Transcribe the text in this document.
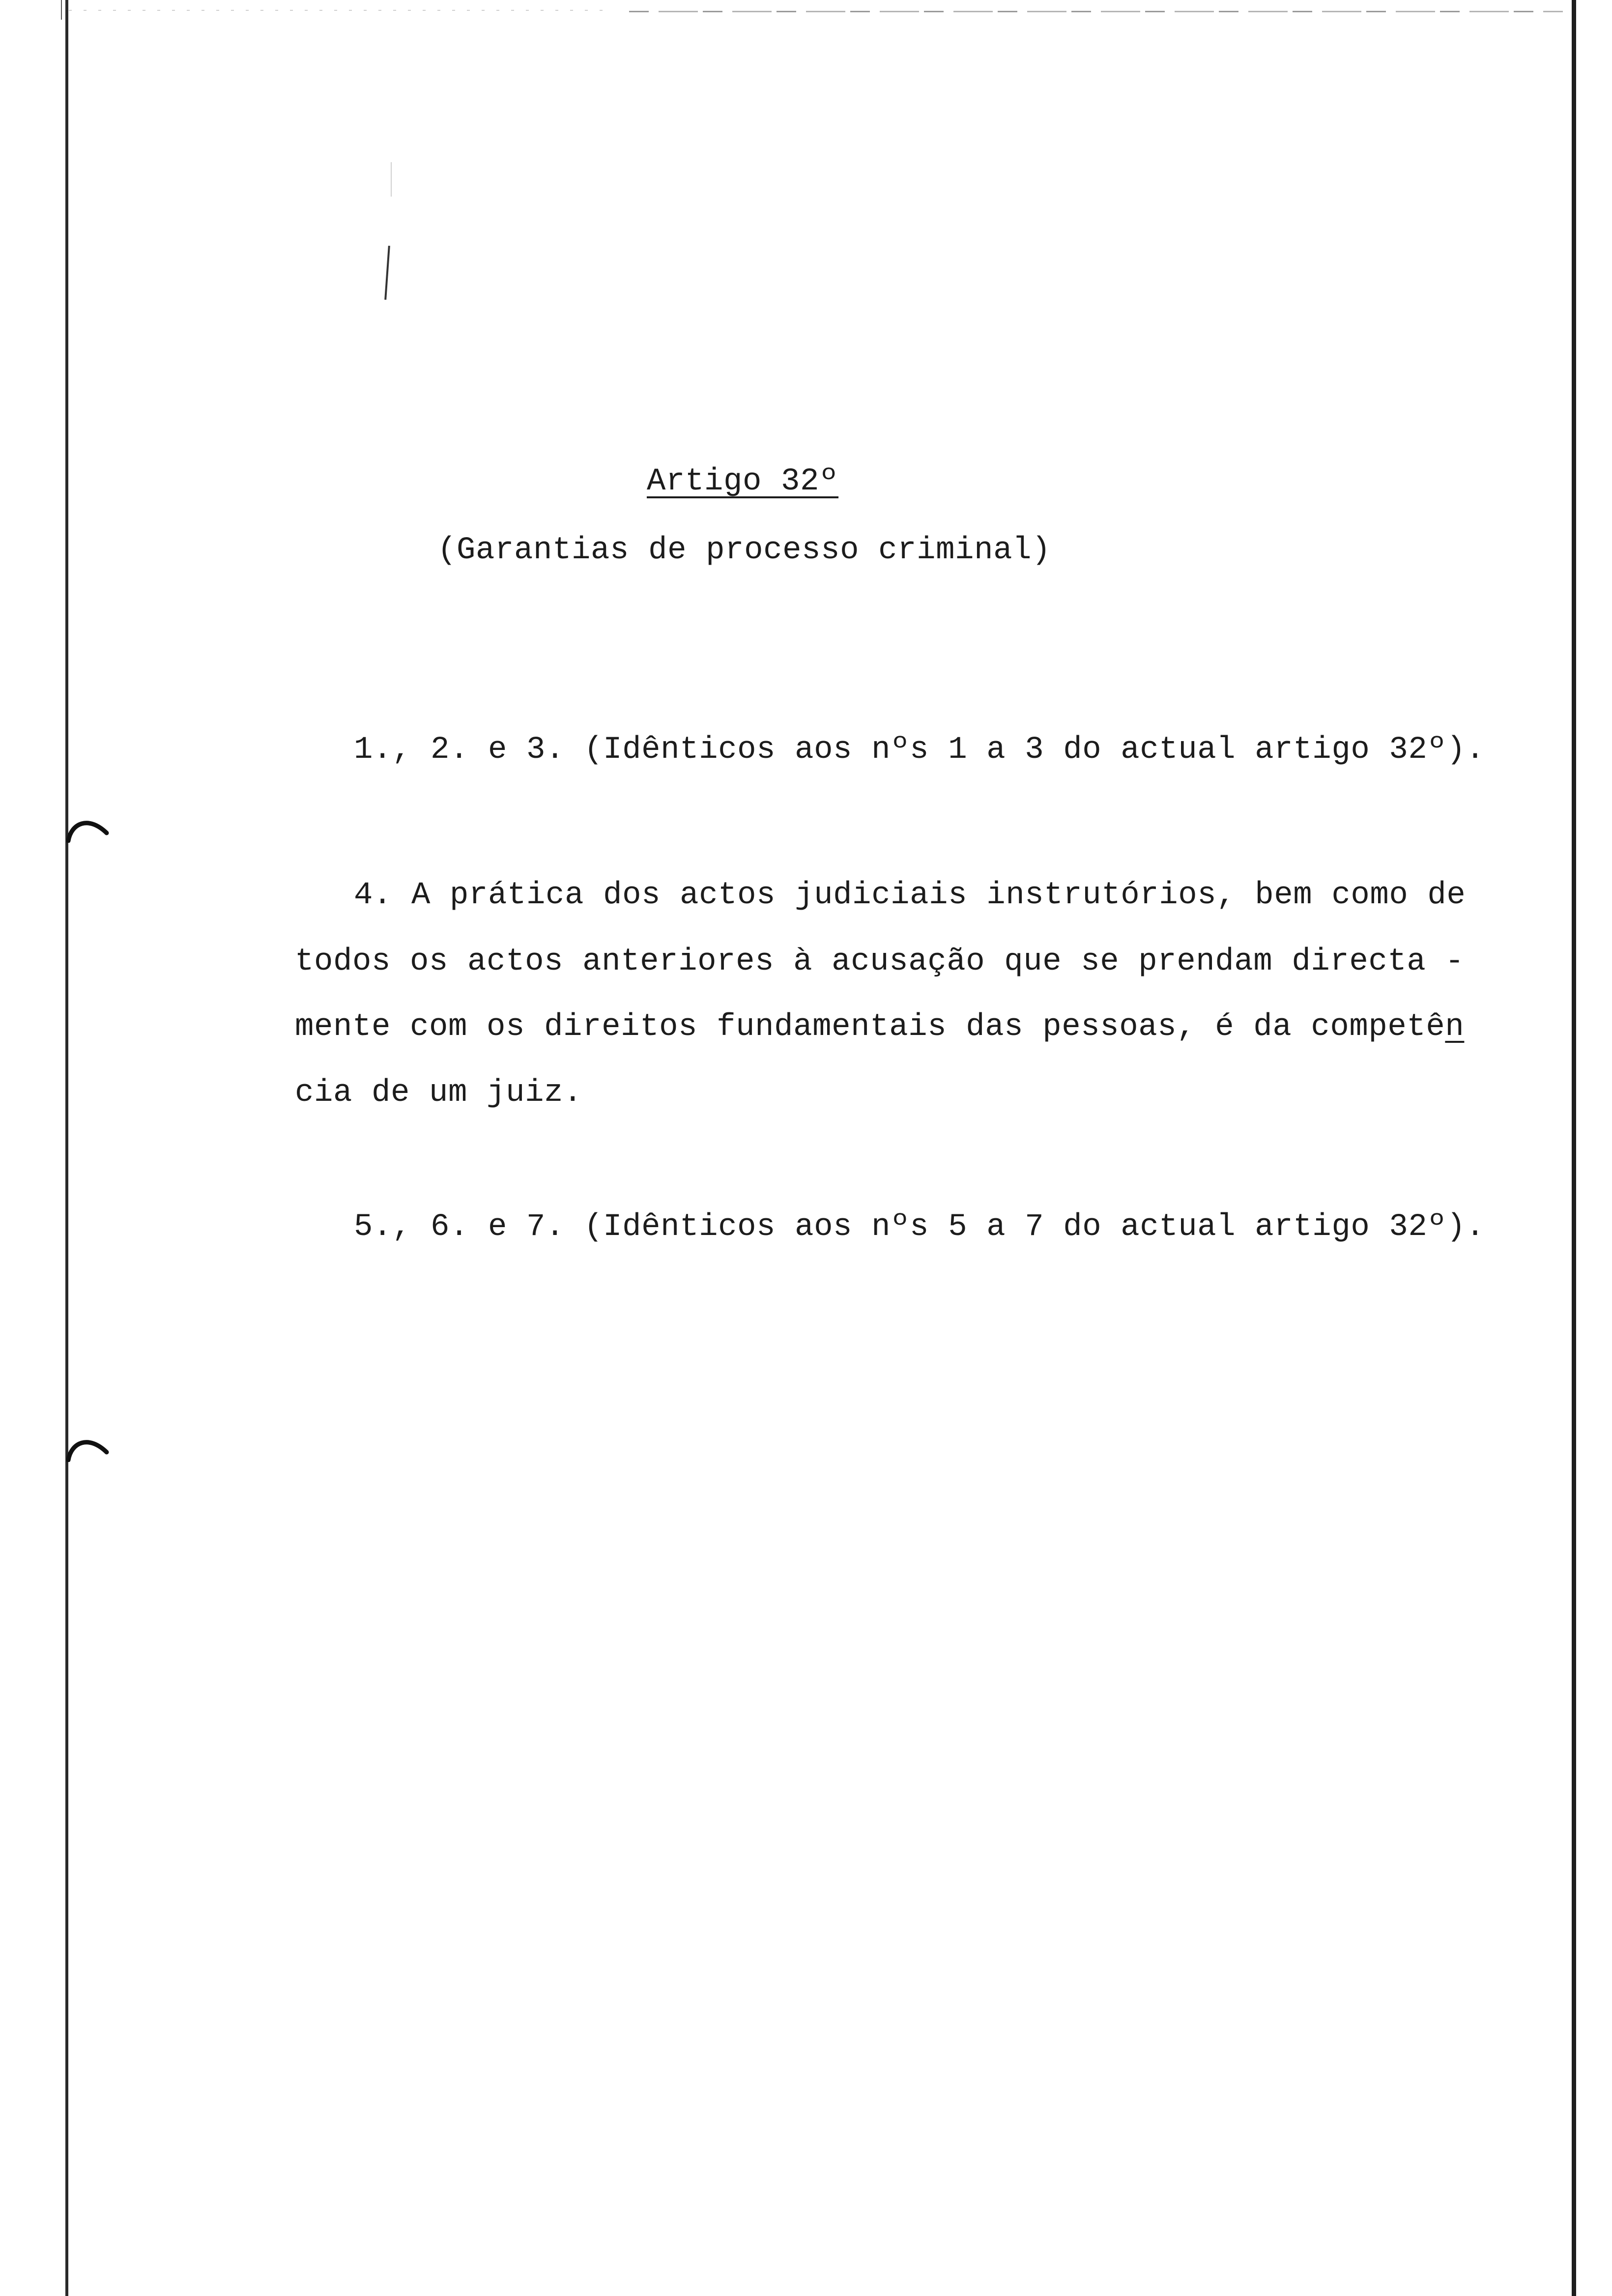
Artigo 32º
(Garantias de processo criminal)
1., 2. e 3. (Idênticos aos nºs 1 a 3 do actual artigo 32º).
4. A prática dos actos judiciais instrutórios, bem como de
todos os actos anteriores à acusação que se prendam directa -
mente com os direitos fundamentais das pessoas, é da competên
cia de um juiz.
5., 6. e 7. (Idênticos aos nºs 5 a 7 do actual artigo 32º).
